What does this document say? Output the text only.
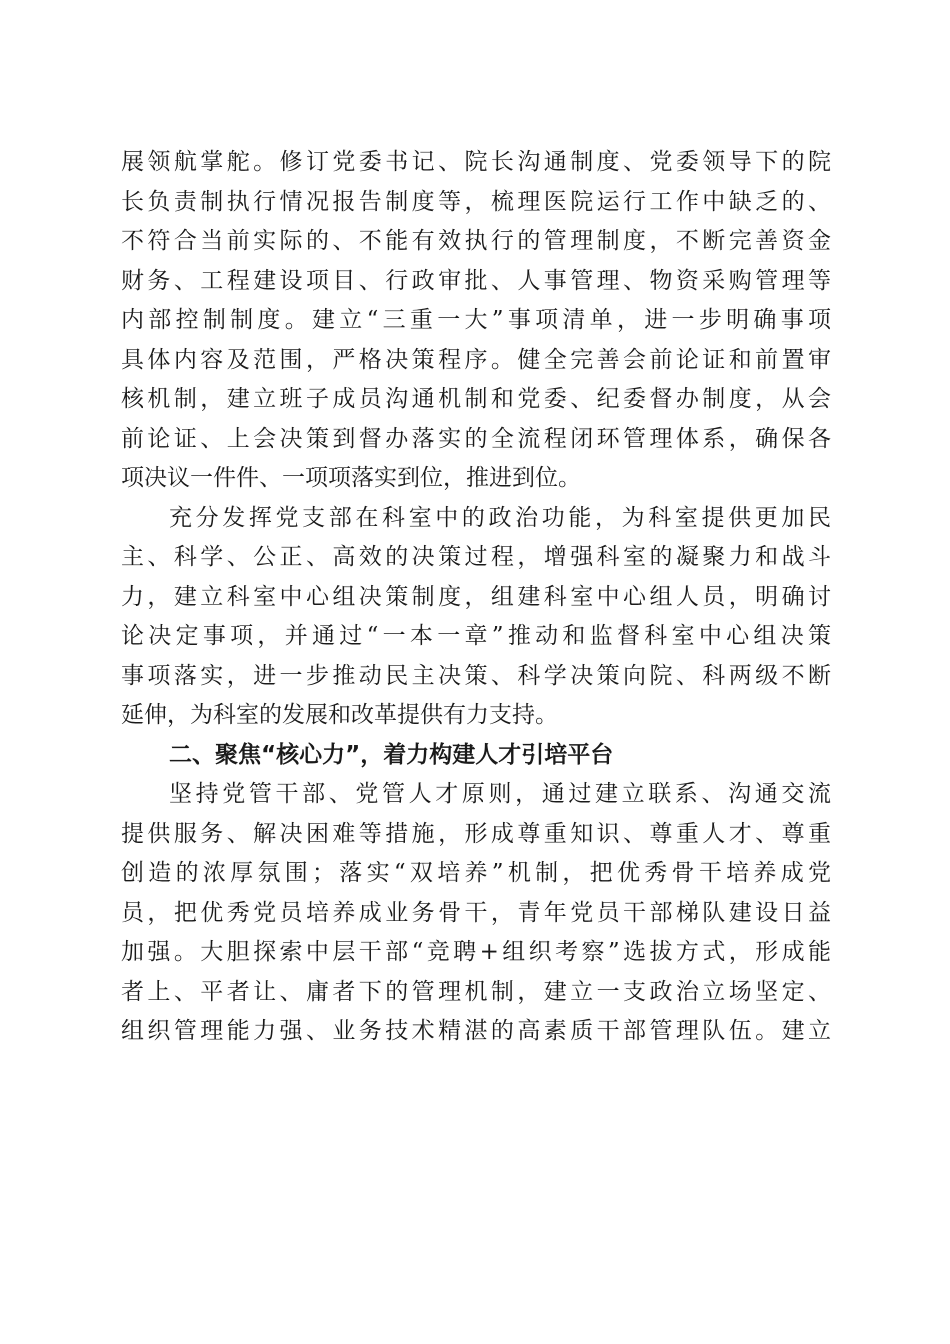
展领航掌舵。修订党委书记、院长沟通制度、党委领导下的院
长负责制执行情况报告制度等，梳理医院运行工作中缺乏的、
不符合当前实际的、不能有效执行的管理制度，不断完善资金
财务、工程建设项目、行政审批、人事管理、物资采购管理等
内部控制制度。建立“三重一大”事项清单，进一步明确事项
具体内容及范围，严格决策程序。健全完善会前论证和前置审
核机制，建立班子成员沟通机制和党委、纪委督办制度，从会
前论证、上会决策到督办落实的全流程闭环管理体系，确保各
项决议一件件、一项项落实到位，推进到位。
充分发挥党支部在科室中的政治功能，为科室提供更加民
主、科学、公正、高效的决策过程，增强科室的凝聚力和战斗
力，建立科室中心组决策制度，组建科室中心组人员，明确讨
论决定事项，并通过“一本一章”推动和监督科室中心组决策
事项落实，进一步推动民主决策、科学决策向院、科两级不断
延伸，为科室的发展和改革提供有力支持。
二、聚焦“核心力”，着力构建人才引培平台
坚持党管干部、党管人才原则，通过建立联系、沟通交流
提供服务、解决困难等措施，形成尊重知识、尊重人才、尊重
创造的浓厚氛围；落实“双培养”机制，把优秀骨干培养成党
员，把优秀党员培养成业务骨干，青年党员干部梯队建设日益
加强。大胆探索中层干部“竞聘+组织考察”选拔方式，形成能
者上、平者让、庸者下的管理机制，建立一支政治立场坚定、
组织管理能力强、业务技术精湛的高素质干部管理队伍。建立
